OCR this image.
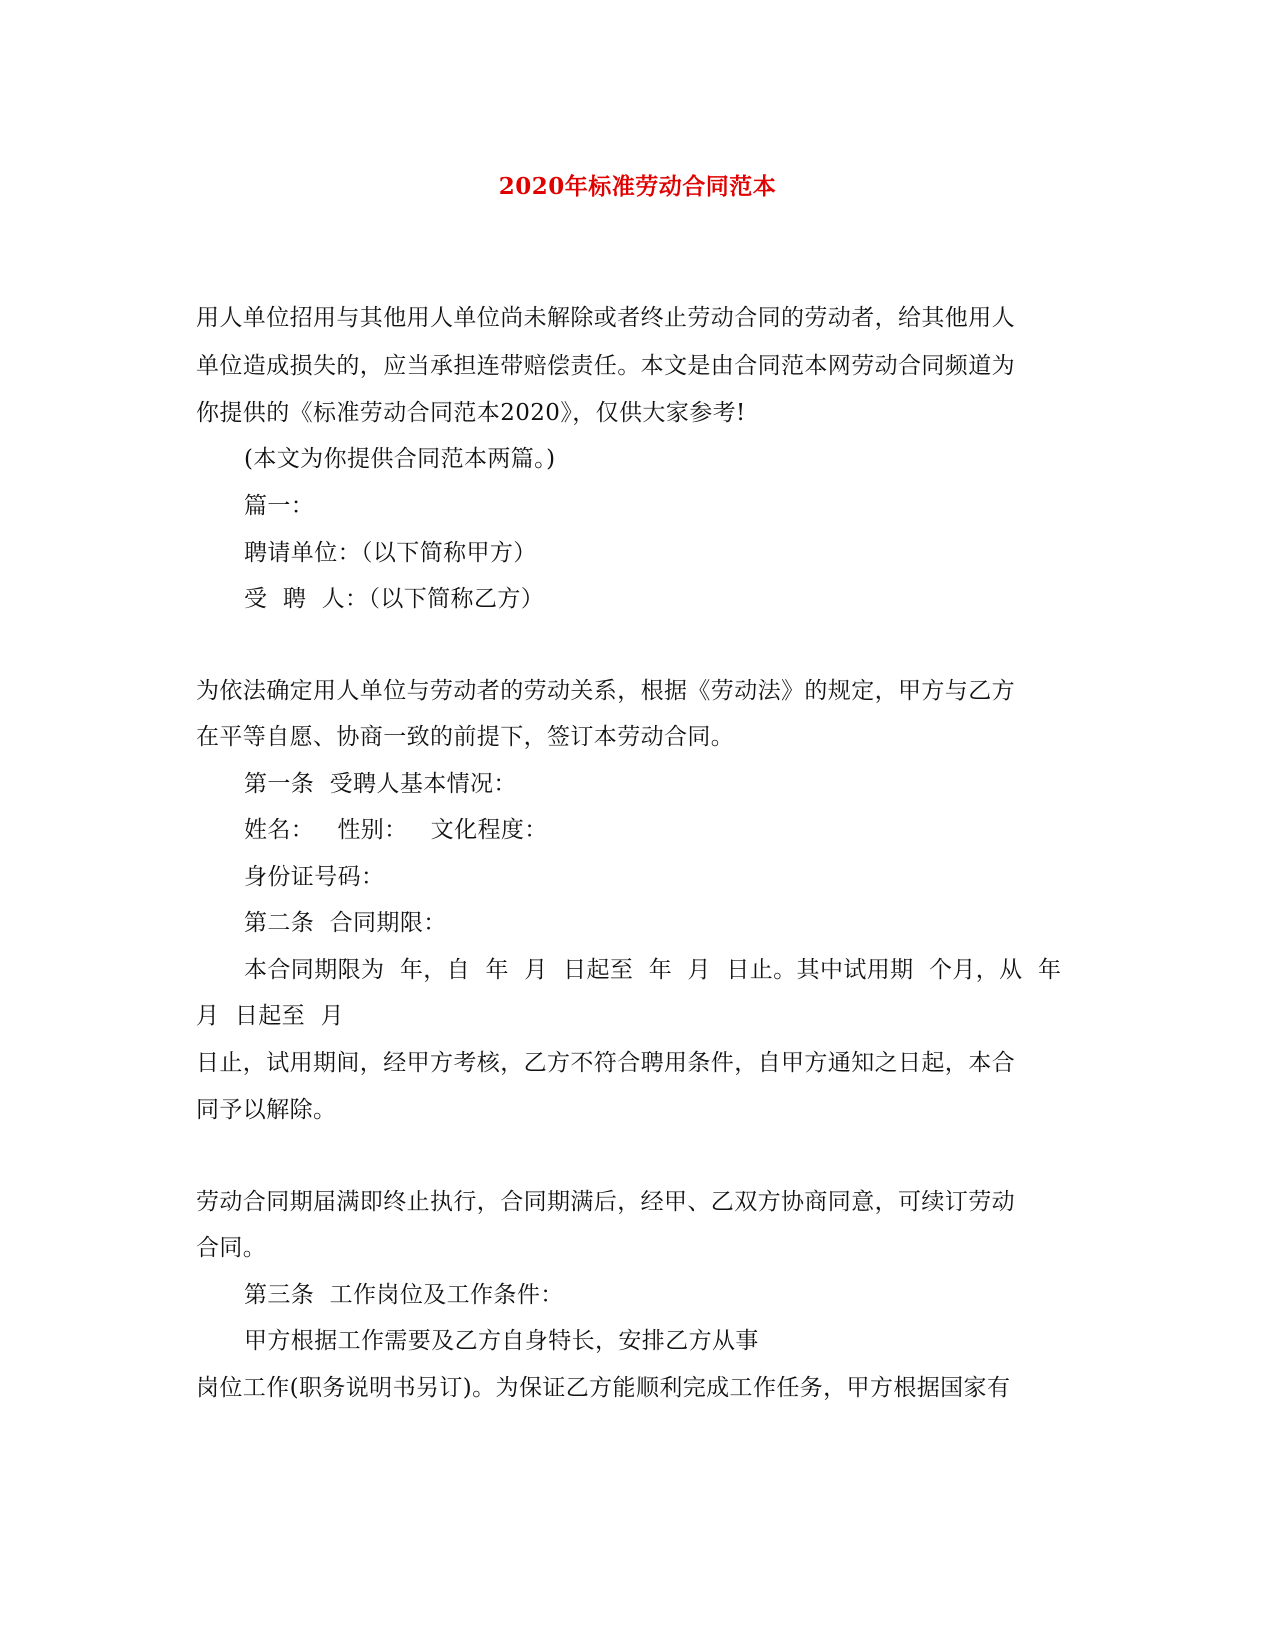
2020年标准劳动合同范本
用人单位招用与其他用人单位尚未解除或者终止劳动合同的劳动者，给其他用人
单位造成损失的，应当承担连带赔偿责任。本文是由合同范本网劳动合同频道为
你提供的《标准劳动合同范本2020》，仅供大家参考!
(本文为你提供合同范本两篇。)
篇一：
聘请单位：（以下简称甲方）
受  聘  人：（以下简称乙方）
为依法确定用人单位与劳动者的劳动关系，根据《劳动法》的规定，甲方与乙方
在平等自愿、协商一致的前提下，签订本劳动合同。
第一条  受聘人基本情况：
姓名：   性别：   文化程度：
身份证号码：
第二条  合同期限：
本合同期限为  年，自  年  月  日起至  年  月  日止。其中试用期  个月，从  年
月  日起至  月
日止，试用期间，经甲方考核，乙方不符合聘用条件，自甲方通知之日起，本合
同予以解除。
劳动合同期届满即终止执行，合同期满后，经甲、乙双方协商同意，可续订劳动
合同。
第三条  工作岗位及工作条件：
甲方根据工作需要及乙方自身特长，安排乙方从事
岗位工作(职务说明书另订)。为保证乙方能顺利完成工作任务，甲方根据国家有
